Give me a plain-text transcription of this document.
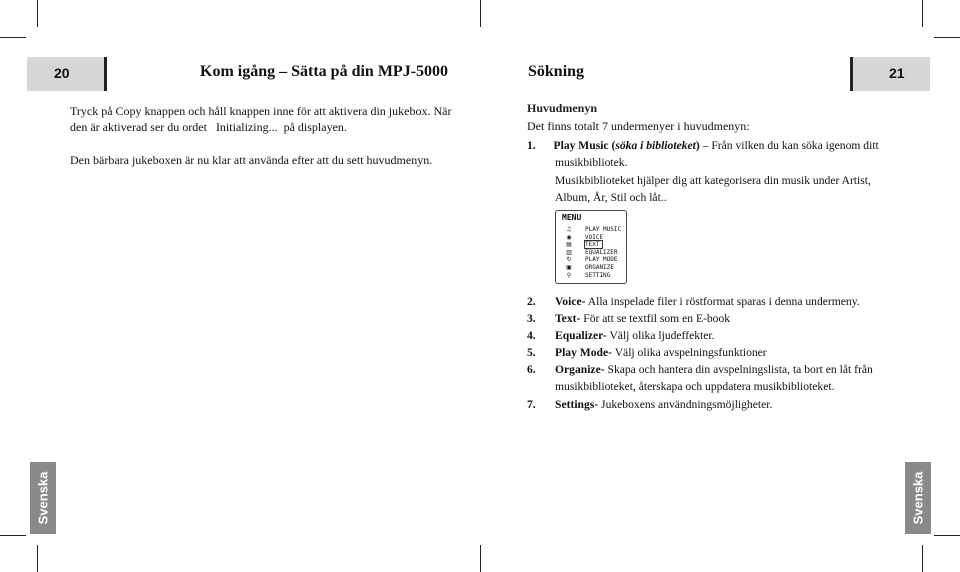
20	Kom igång – Sätta på din MPJ-5000	Sökning	21
Tryck på Copy knappen och håll knappen inne för att aktivera din jukebox. När
den är aktiverad ser du ordet   Initializing...  på displayen.
Den bärbara jukeboxen är nu klar att använda efter att du sett huvudmenyn.
Huvudmenyn
Det finns totalt 7 undermenyer i huvudmenyn:
1. Play Music (söka i biblioteket) – Från vilken du kan söka igenom ditt
musikbibliotek.
Musikbiblioteket hjälper dig att kategorisera din musik under Artist,
Album, År, Stil och låt..
MENU
♫	PLAY MUSIC
◉	VOICE
▤	TEXT
▥	EQUALIZER
↻	PLAY MODE
▣	ORGANIZE
⚲	SETTING
2. Voice- Alla inspelade filer i röstformat sparas i denna undermeny.
3. Text- För att se textfil som en E-book
4. Equalizer- Välj olika ljudeffekter.
5. Play Mode- Välj olika avspelningsfunktioner
6. Organize- Skapa och hantera din avspelningslista, ta bort en låt från
musikbiblioteket, återskapa och uppdatera musikbiblioteket.
7. Settings- Jukeboxens användningsmöjligheter.
Svenska	Svenska
